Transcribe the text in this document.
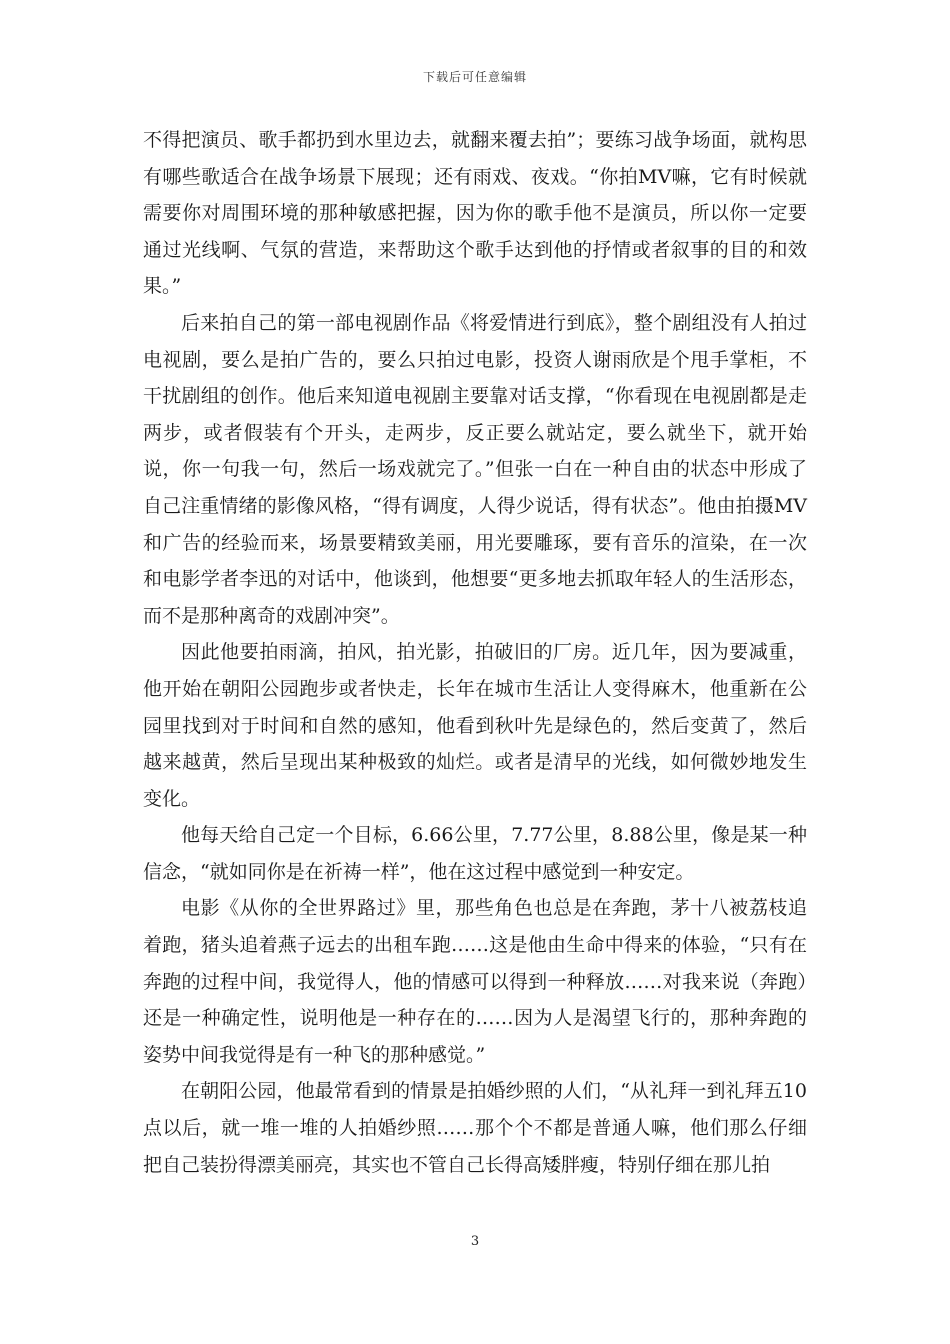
下载后可任意编辑

不得把演员、歌手都扔到水里边去，就翻来覆去拍”；要练习战争场面，就构思有哪些歌适合在战争场景下展现；还有雨戏、夜戏。“你拍MV嘛，它有时候就需要你对周围环境的那种敏感把握，因为你的歌手他不是演员，所以你一定要通过光线啊、气氛的营造，来帮助这个歌手达到他的抒情或者叙事的目的和效果。”

后来拍自己的第一部电视剧作品《将爱情进行到底》，整个剧组没有人拍过电视剧，要么是拍广告的，要么只拍过电影，投资人谢雨欣是个甩手掌柜，不干扰剧组的创作。他后来知道电视剧主要靠对话支撑，“你看现在电视剧都是走两步，或者假装有个开头，走两步，反正要么就站定，要么就坐下，就开始说，你一句我一句，然后一场戏就完了。”但张一白在一种自由的状态中形成了自己注重情绪的影像风格，“得有调度，人得少说话，得有状态”。他由拍摄MV和广告的经验而来，场景要精致美丽，用光要雕琢，要有音乐的渲染，在一次和电影学者李迅的对话中，他谈到，他想要“更多地去抓取年轻人的生活形态，而不是那种离奇的戏剧冲突”。

因此他要拍雨滴，拍风，拍光影，拍破旧的厂房。近几年，因为要减重，他开始在朝阳公园跑步或者快走，长年在城市生活让人变得麻木，他重新在公园里找到对于时间和自然的感知，他看到秋叶先是绿色的，然后变黄了，然后越来越黄，然后呈现出某种极致的灿烂。或者是清早的光线，如何微妙地发生变化。

他每天给自己定一个目标，6.66公里，7.77公里，8.88公里，像是某一种信念，“就如同你是在祈祷一样”，他在这过程中感觉到一种安定。

电影《从你的全世界路过》里，那些角色也总是在奔跑，茅十八被荔枝追着跑，猪头追着燕子远去的出租车跑……这是他由生命中得来的体验，“只有在奔跑的过程中间，我觉得人，他的情感可以得到一种释放……对我来说（奔跑）还是一种确定性，说明他是一种存在的……因为人是渴望飞行的，那种奔跑的姿势中间我觉得是有一种飞的那种感觉。”

在朝阳公园，他最常看到的情景是拍婚纱照的人们，“从礼拜一到礼拜五10点以后，就一堆一堆的人拍婚纱照……那个个不都是普通人嘛，他们那么仔细把自己装扮得漂美丽亮，其实也不管自己长得高矮胖瘦，特别仔细在那儿拍

3
